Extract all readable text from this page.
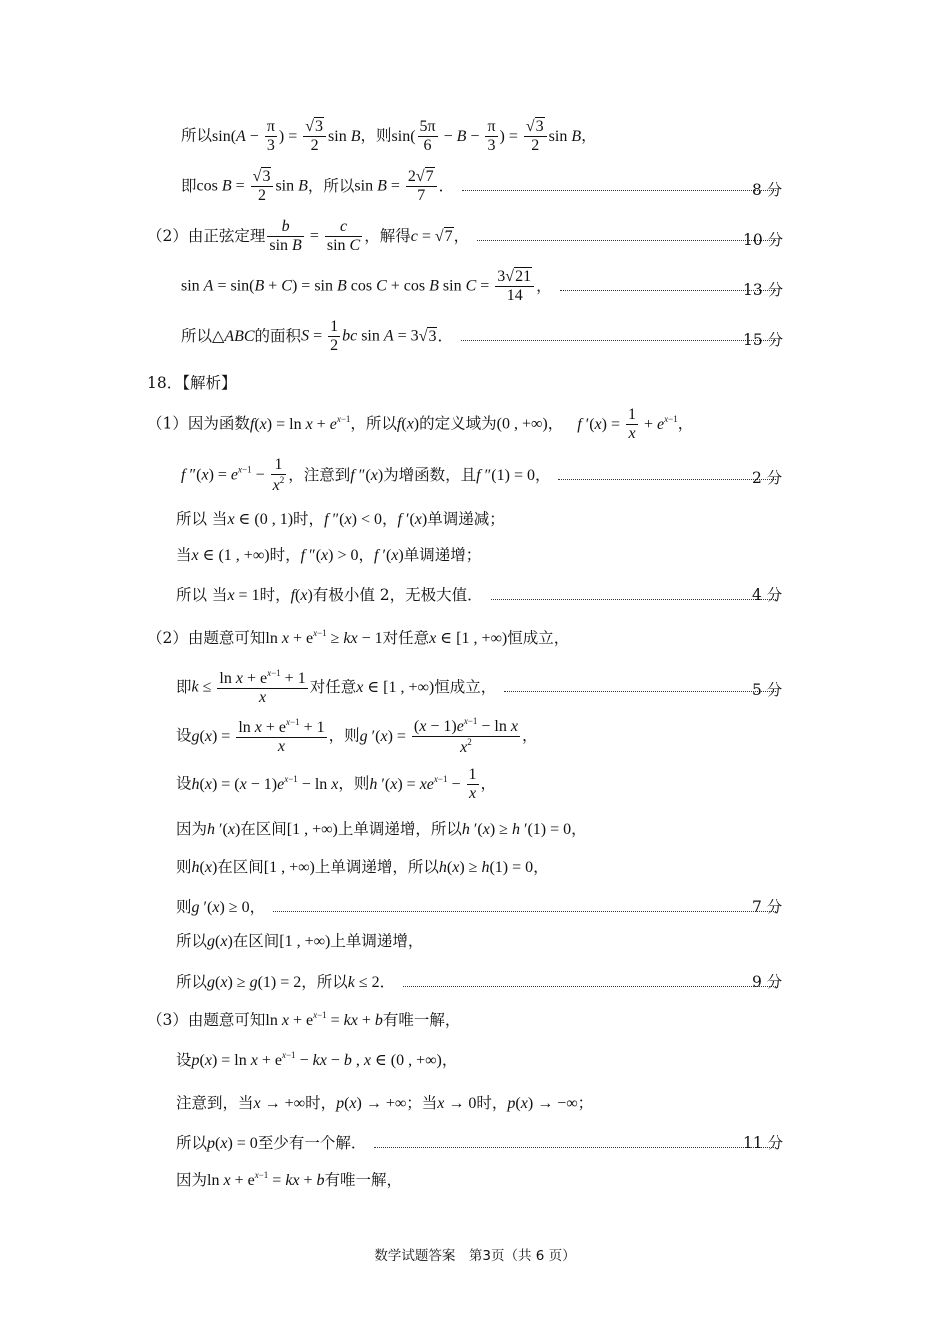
所以$\sin(A - \frac{\pi}{3}$ ) = $\frac{√3}{2}$ sin B，则$\sin( \frac{5\pi}{6} - B - \frac{\pi}{3}$ ) = $\frac{√3}{2}$ sin B，
即 $\cos B = \frac{√3}{2}$ sin B ，所以 $\sin B = \frac{2√7}{7}$ ．	8 分
（2）由正弦定理 $\frac{b}{\text{sin B}} = \frac{c}{\text{sin C}}$ ，解得 c = √7 ，	10 分
sin A = sin(B + C) = sin B cos C + cos B $\sin C = \frac{3√21}{14}$ ，	13 分
所以 △ABC 的面积 $S = \frac{1}{2}$ bc sin A = 3√3 ．	15 分
18．【解析】
（1）因为函数$f(x) = \ln x + e^{x-1}$，所以f(x)的定义域为(0 , +∞)， f $'(x) = \frac{1}{x} + e^{x-1}$，
f $''(x) = e^{x-1} - \frac{1}{x^2}$ ，注意到 f ″(x) 为增函数，且 f ″(1) = 0 ，	2 分
所以 当x ∈ (0 , 1)时，f ″(x) < 0，f ′(x)单调递减；
当x ∈ (1 , +∞)时，f ″(x) > 0，f ′(x)单调递增；
所以 当 x = 1 时， f(x) 有极小值 2，无极大值．	4 分
（2）由题意可知$\ln x + e^{x-1}$ ≥ kx − 1对任意x ∈ [1 , +∞)恒成立，
即 $k \le \frac{\ln x + e^{x-1} + 1}{x}$ 对任意 x ∈ [1 , +∞) 恒成立，	5 分
设$g(x) = \frac{\ln x + e^{x-1} + 1}{x}$ ，则g $'(x) = \frac{(x - 1)e^{x-1} - \ln x}{x^2}$ ，
设$h(x) = (x - 1)e^{x-1} - \ln x$，则h $'(x) = xe^{x-1} - \frac{1}{x}$ ，
因为h ′(x)在区间[1 , +∞)上单调递增，所以h ′(x) ≥ h ′(1) = 0，
则h(x)在区间[1 , +∞)上单调递增，所以h(x) ≥ h(1) = 0，
则 g ′(x) ≥ 0 ，	7 分
所以g(x)在区间[1 , +∞)上单调递增，
所以 g(x) ≥ g(1) = 2 ，所以 k ≤ 2 ．	9 分
（3）由题意可知$\ln x + e^{x-1}$ = kx + b有唯一解，
设$p(x) = \ln x + e^{x-1}$ − kx − b , x ∈ (0 , +∞)，
注意到，当x → +∞时，p(x) → +∞；当x → 0时，p(x) → −∞；
所以 p(x) = 0 至少有一个解．	11 分
因为$\ln x + e^{x-1}$ = kx + b有唯一解，
数学试题答案　第3页（共 6 页）
